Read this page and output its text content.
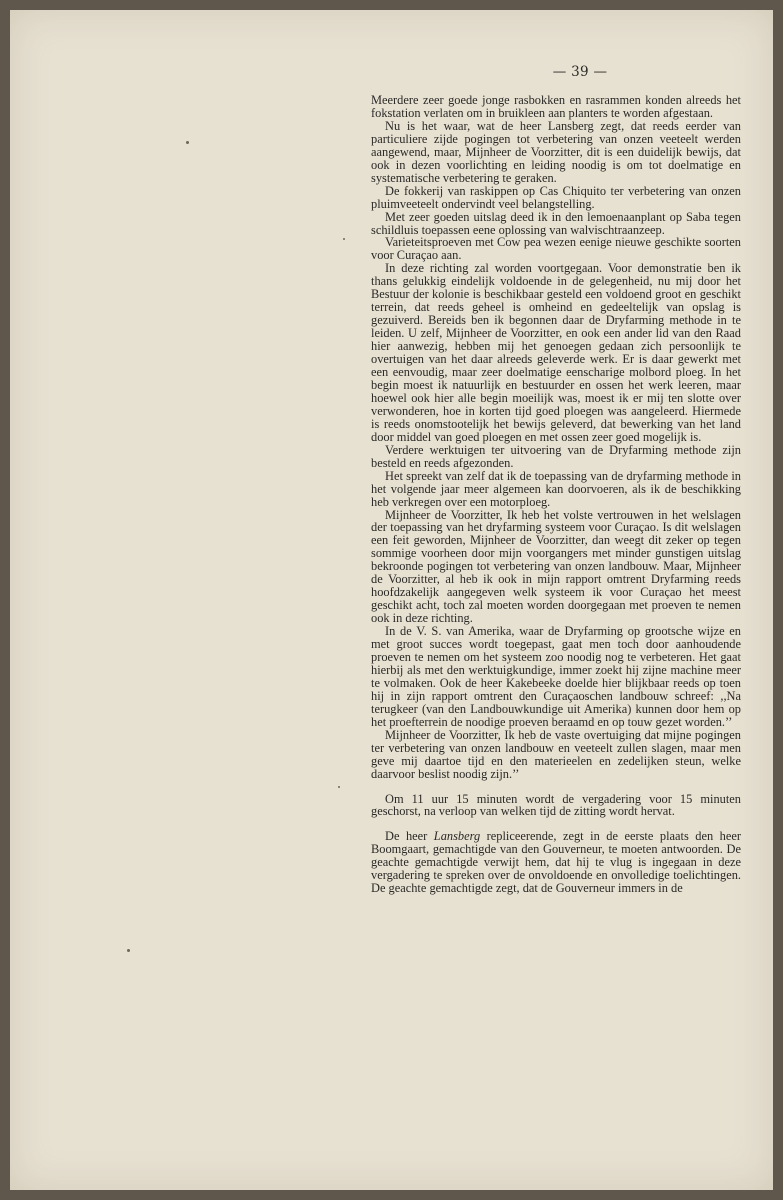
— 39 —

Meerdere zeer goede jonge rasbokken en rasrammen konden alreeds het fokstation verlaten om in bruikleen aan planters te worden afgestaan.

Nu is het waar, wat de heer Lansberg zegt, dat reeds eerder van particuliere zijde pogingen tot verbetering van onzen veeteelt werden aangewend, maar, Mijnheer de Voorzitter, dit is een duidelijk bewijs, dat ook in dezen voorlichting en leiding noodig is om tot doelmatige en systematische verbetering te geraken.

De fokkerij van raskippen op Cas Chiquito ter verbetering van onzen pluimveeteelt ondervindt veel belangstelling.

Met zeer goeden uitslag deed ik in den lemoenaanplant op Saba tegen schildluis toepassen eene oplossing van walvischtraanzeep.

Varieteitsproeven met Cow pea wezen eenige nieuwe geschikte soorten voor Curaçao aan.

In deze richting zal worden voortgegaan. Voor demonstratie ben ik thans gelukkig eindelijk voldoende in de gelegenheid, nu mij door het Bestuur der kolonie is beschikbaar gesteld een voldoend groot en geschikt terrein, dat reeds geheel is omheind en gedeeltelijk van opslag is gezuiverd. Bereids ben ik begonnen daar de Dryfarming methode in te leiden. U zelf, Mijnheer de Voorzitter, en ook een ander lid van den Raad hier aanwezig, hebben mij het genoegen gedaan zich persoonlijk te overtuigen van het daar alreeds geleverde werk. Er is daar gewerkt met een eenvoudig, maar zeer doelmatige eenscharige molbord ploeg. In het begin moest ik natuurlijk en bestuurder en ossen het werk leeren, maar hoewel ook hier alle begin moeilijk was, moest ik er mij ten slotte over verwonderen, hoe in korten tijd goed ploegen was aangeleerd. Hiermede is reeds onomstootelijk het bewijs geleverd, dat bewerking van het land door middel van goed ploegen en met ossen zeer goed mogelijk is.

Verdere werktuigen ter uitvoering van de Dryfarming methode zijn besteld en reeds afgezonden.

Het spreekt van zelf dat ik de toepassing van de dryfarming methode in het volgende jaar meer algemeen kan doorvoeren, als ik de beschikking heb verkregen over een motorploeg.

Mijnheer de Voorzitter, Ik heb het volste vertrouwen in het welslagen der toepassing van het dryfarming systeem voor Curaçao. Is dit welslagen een feit geworden, Mijnheer de Voorzitter, dan weegt dit zeker op tegen sommige voorheen door mijn voorgangers met minder gunstigen uitslag bekroonde pogingen tot verbetering van onzen landbouw. Maar, Mijnheer de Voorzitter, al heb ik ook in mijn rapport omtrent Dryfarming reeds hoofdzakelijk aangegeven welk systeem ik voor Curaçao het meest geschikt acht, toch zal moeten worden doorgegaan met proeven te nemen ook in deze richting.

In de V. S. van Amerika, waar de Dryfarming op grootsche wijze en met groot succes wordt toegepast, gaat men toch door aanhoudende proeven te nemen om het systeem zoo noodig nog te verbeteren. Het gaat hierbij als met den werktuigkundige, immer zoekt hij zijne machine meer te volmaken. Ook de heer Kakebeeke doelde hier blijkbaar reeds op toen hij in zijn rapport omtrent den Curaçaoschen landbouw schreef: ,,Na terugkeer (van den Landbouwkundige uit Amerika) kunnen door hem op het proefterrein de noodige proeven beraamd en op touw gezet worden.’’

Mijnheer de Voorzitter, Ik heb de vaste overtuiging dat mijne pogingen ter verbetering van onzen landbouw en veeteelt zullen slagen, maar men geve mij daartoe tijd en den materieelen en zedelijken steun, welke daarvoor beslist noodig zijn.’’

Om 11 uur 15 minuten wordt de vergadering voor 15 minuten geschorst, na verloop van welken tijd de zitting wordt hervat.

De heer Lansberg repliceerende, zegt in de eerste plaats den heer Boomgaart, gemachtigde van den Gouverneur, te moeten antwoorden. De geachte gemachtigde verwijt hem, dat hij te vlug is ingegaan in deze vergadering te spreken over de onvoldoende en onvolledige toelichtingen. De geachte gemachtigde zegt, dat de Gouverneur immers in de
